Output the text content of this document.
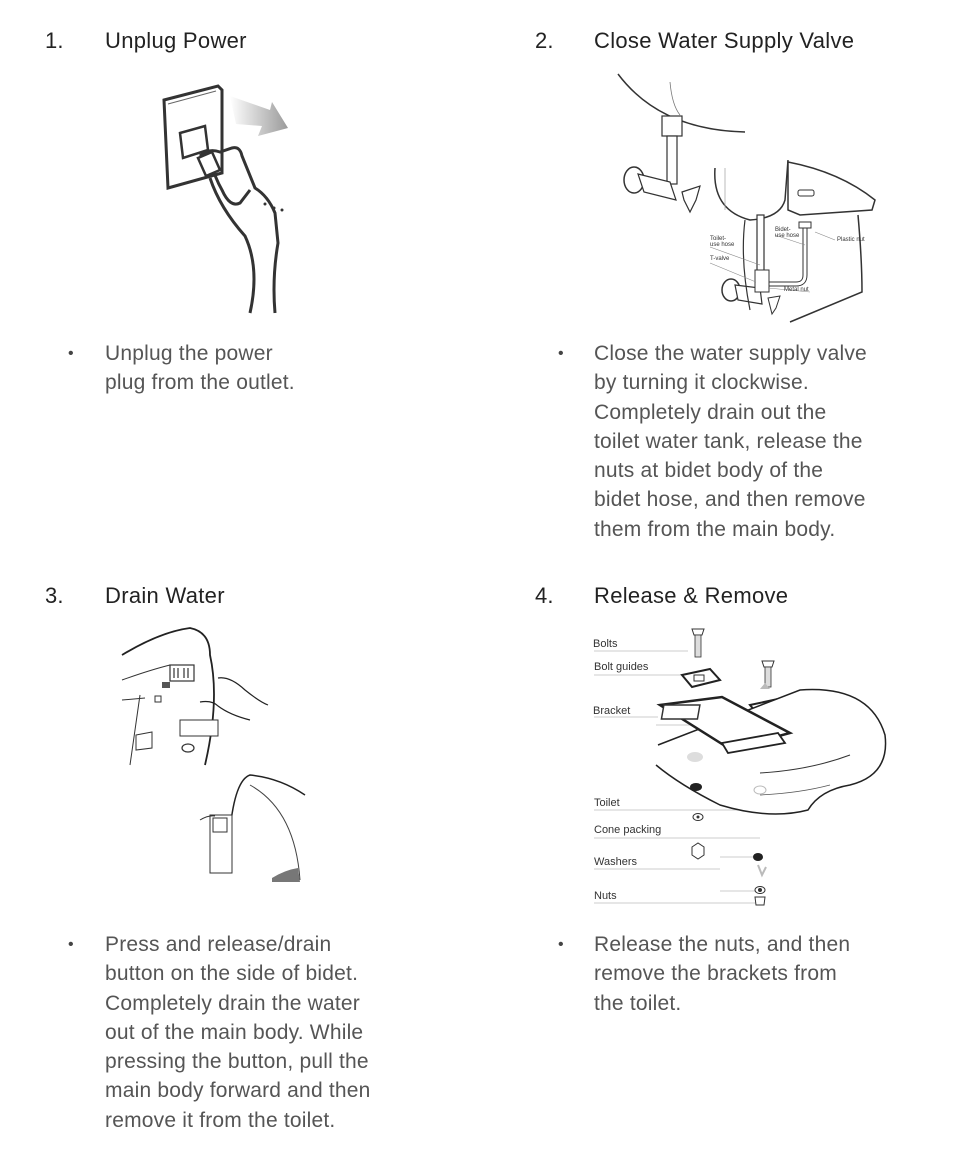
1. Unplug Power
• Unplug the power
plug from the outlet.
2. Close Water Supply Valve
Toilet-
use hose
Bidet-
use hose
Plastic nut
T-valve
Metal nut
• Close the water supply valve
by turning it clockwise.
Completely drain out the
toilet water tank, release the
nuts at bidet body of the
bidet hose, and then remove
them from the main body.
3. Drain Water
• Press and release/drain
button on the side of bidet.
Completely drain the water
out of the main body. While
pressing the button, pull the
main body forward and then
remove it from the toilet.
4. Release & Remove
Bolts
Bolt guides
Bracket
Toilet
Cone packing
Washers
Nuts
• Release the nuts, and then
remove the brackets from
the toilet.
